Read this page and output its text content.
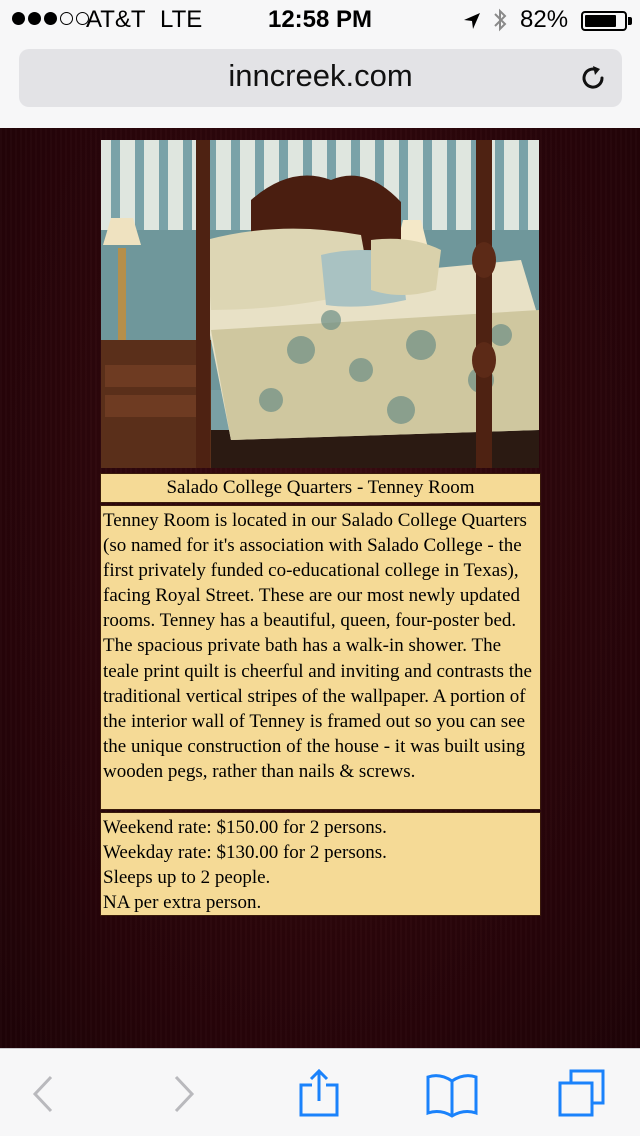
AT&T LTE	12:58 PM	82%
inncreek.com
Salado College Quarters - Tenney Room
Tenney Room is located in our Salado College Quarters (so named for it's association with Salado College - the first privately funded co-educational college in Texas), facing Royal Street. These are our most newly updated rooms. Tenney has a beautiful, queen, four-poster bed. The spacious private bath has a walk-in shower. The teale print quilt is cheerful and inviting and contrasts the traditional vertical stripes of the wallpaper. A portion of the interior wall of Tenney is framed out so you can see the unique construction of the house - it was built using wooden pegs, rather than nails & screws.
Weekend rate: $150.00 for 2 persons.
Weekday rate: $130.00 for 2 persons.
Sleeps up to 2 people.
NA per extra person.
